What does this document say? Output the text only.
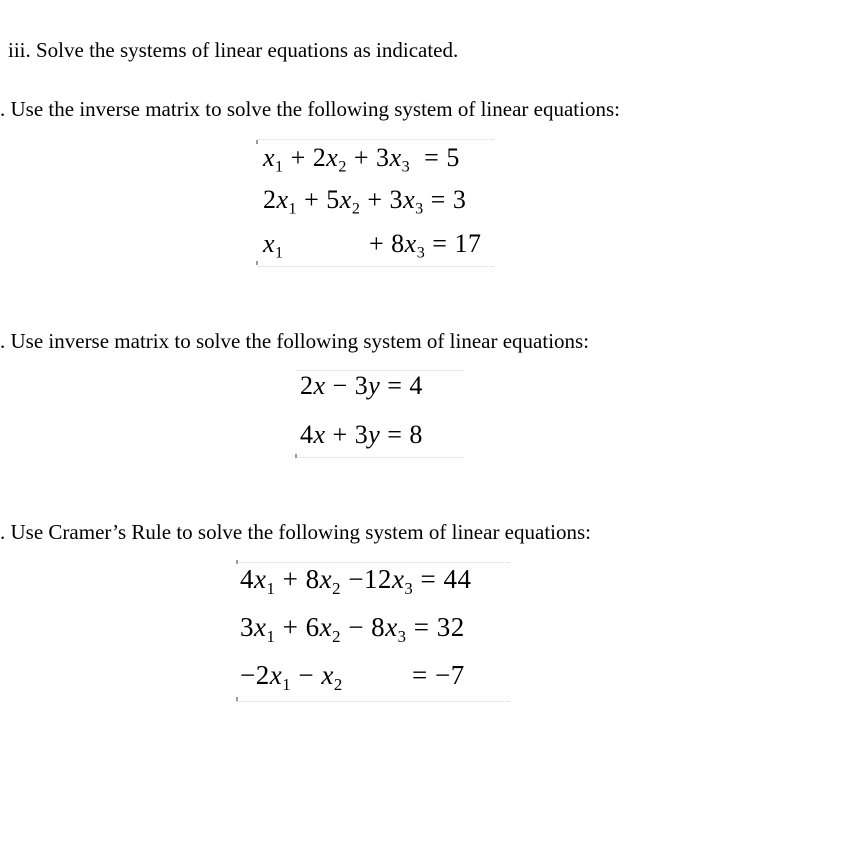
iii. Solve the systems of linear equations as indicated.
. Use the inverse matrix to solve the following system of linear equations:
$x_1 + 2x_2 + 3x_3 = 5$
$2x_1 + 5x_2 + 3x_3 = 3$
$x_1$	+ $8x_3 = 17$
. Use inverse matrix to solve the following system of linear equations:
2x − 3y = 4
4x + 3y = 8
. Use Cramer’s Rule to solve the following system of linear equations:
$4x_1 + 8x_2 -12x_3 = 44$
$3x_1 + 6x_2 - 8x_3 = 32$
$-2x_1 - x_2$	= −7
